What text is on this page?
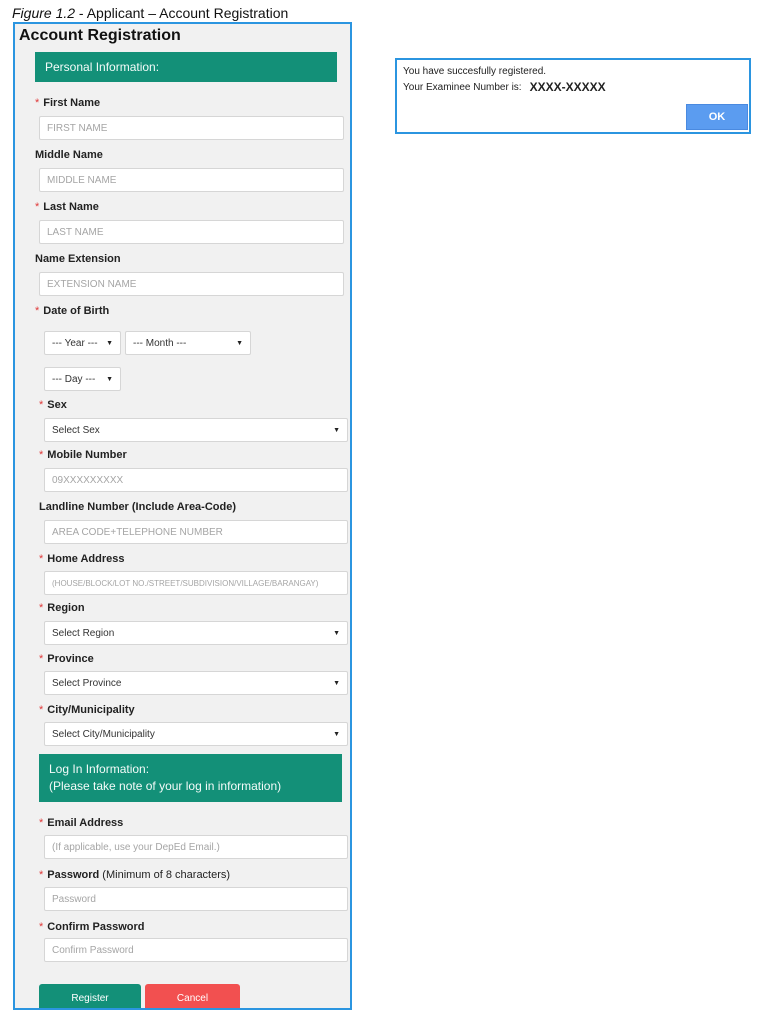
Figure 1.2 - Applicant – Account Registration
Account Registration
Personal Information:
* First Name
FIRST NAME
Middle Name
MIDDLE NAME
* Last Name
LAST NAME
Name Extension
EXTENSION NAME
* Date of Birth
--- Year --- ▼ --- Month ---	▼
--- Day --- ▼
* Sex
Select Sex	▼
* Mobile Number
09XXXXXXXXX
Landline Number (Include Area-Code)
AREA CODE+TELEPHONE NUMBER
* Home Address
(HOUSE/BLOCK/LOT NO./STREET/SUBDIVISION/VILLAGE/BARANGAY)
* Region
Select Region	▼
* Province
Select Province	▼
* City/Municipality
Select City/Municipality	▼
Log In Information:
(Please take note of your log in information)
* Email Address
(If applicable, use your DepEd Email.)
* Password (Minimum of 8 characters)
Password
* Confirm Password
Confirm Password
Register	Cancel
You have succesfully registered.
Your Examinee Number is: XXXX-XXXXX
OK
